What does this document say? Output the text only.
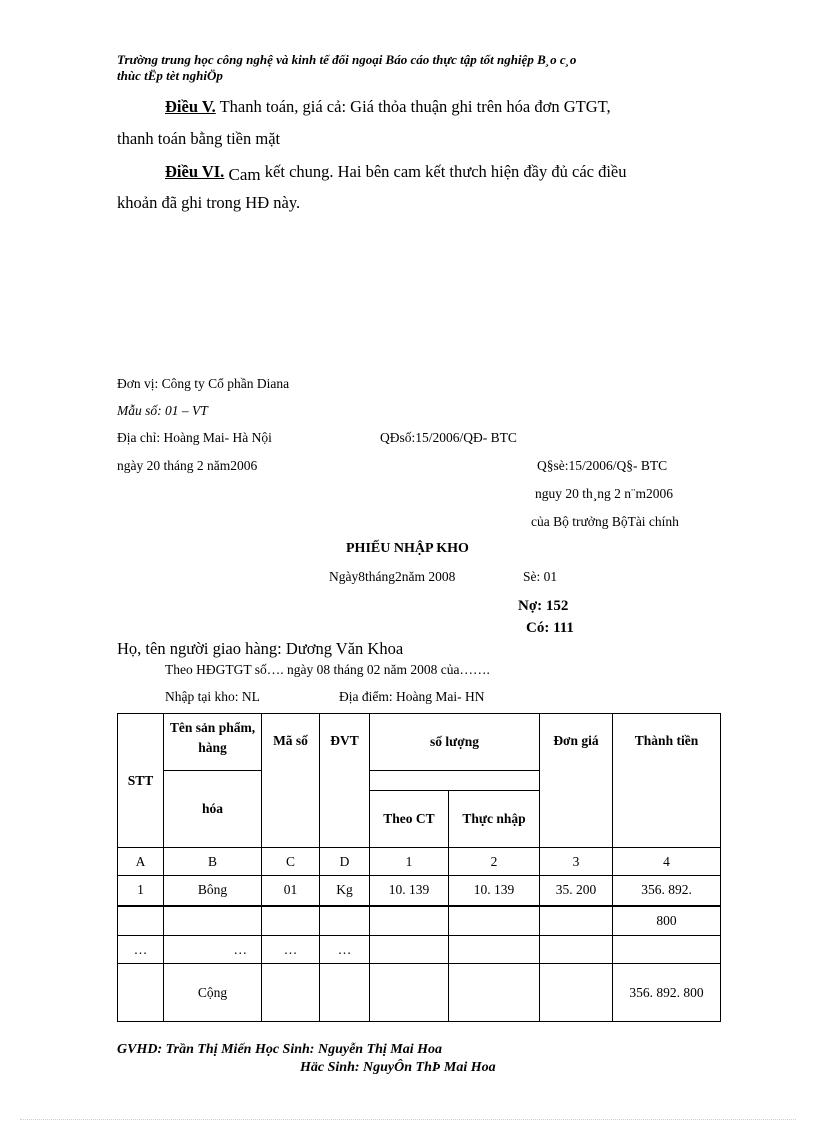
Trường trung học công nghệ và kinh tế đối ngoại Báo cáo thực tập tốt nghiệp B¸o c¸o
thùc tËp tèt nghiÖp
Điều V. Thanh toán, giá cả: Giá thỏa thuận ghi trên hóa đơn GTGT,
thanh toán bằng tiền mặt
Điều VI. Cam kết chung. Hai bên cam kết thưch hiện đầy đủ các điều
khoản đã ghi trong HĐ này.
Đơn vị: Công ty Cổ phần Diana
Mẫu số: 01 – VT
Địa chỉ: Hoàng Mai- Hà Nội	QĐsố:15/2006/QĐ- BTC
ngày 20 tháng 2 năm2006	Q§sè:15/2006/Q§- BTC
nguy 20 th¸ng 2 n¨m2006
của Bộ trưởng BộTài chính
PHIẾU NHẬP KHO
Ngày8tháng2năm 2008	Sè: 01
Nợ: 152
Có: 111
Họ, tên người giao hàng: Dương Văn Khoa
Theo HĐGTGT số…. ngày 08 tháng 02 năm 2008 của…….
Nhập tại kho: NL	Địa điểm: Hoàng Mai- HN
STT	Tên sản phẩm, hàng	Mã số	ĐVT	số lượng		Đơn giá	Thành tiền
	hóa						
				Theo CT	Thực nhập		
A	B	C	D	1	2	3	4
1	Bông	01	Kg	10. 139	10. 139	35. 200	356. 892.
							800
…	…	…	…				
	Cộng						356. 892. 800
GVHD: Trần Thị Miến Học Sinh: Nguyễn Thị Mai Hoa
Häc Sinh: NguyÔn ThÞ Mai Hoa
